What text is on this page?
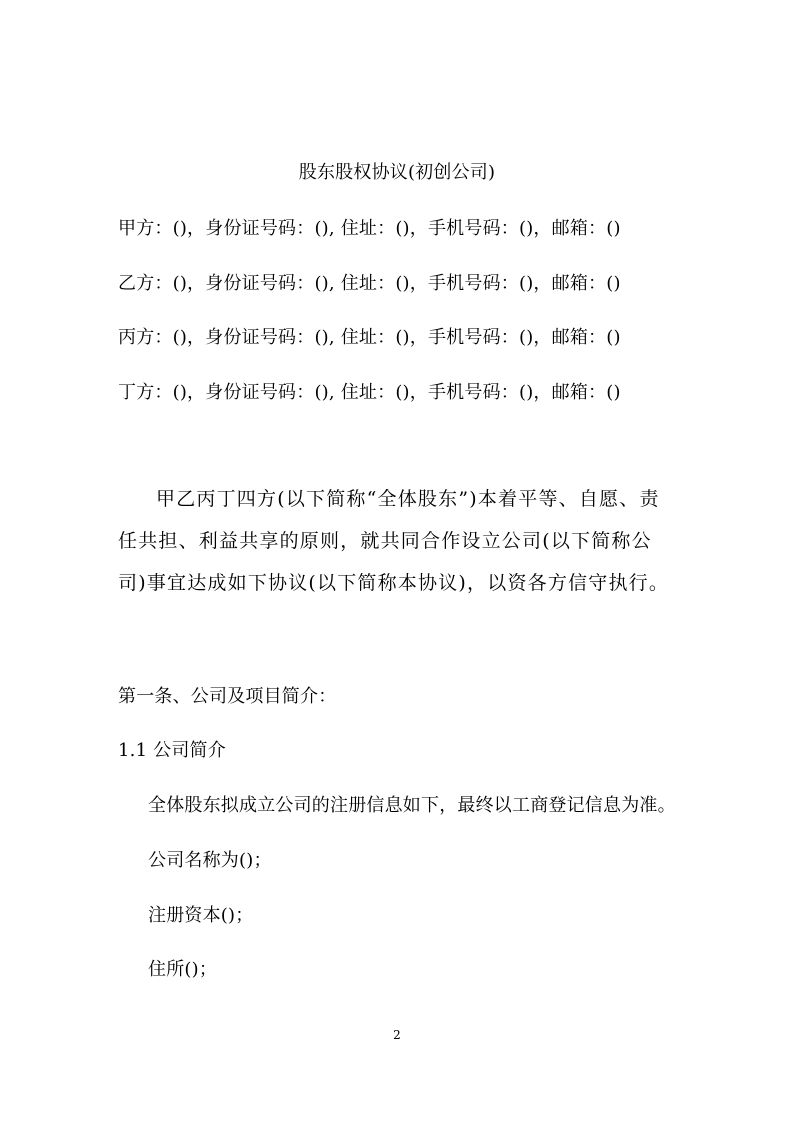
股东股权协议(初创公司)
甲方：()，身份证号码：(), 住址：()，手机号码：()，邮箱：()
乙方：()，身份证号码：(), 住址：()，手机号码：()，邮箱：()
丙方：()，身份证号码：(), 住址：()，手机号码：()，邮箱：()
丁方：()，身份证号码：(), 住址：()，手机号码：()，邮箱：()
甲乙丙丁四方(以下简称“全体股东”)本着平等、自愿、责任共担、利益共享的原则，就共同合作设立公司(以下简称公司)事宜达成如下协议(以下简称本协议)，以资各方信守执行。
第一条、公司及项目简介：
1.1 公司简介
全体股东拟成立公司的注册信息如下，最终以工商登记信息为准。
公司名称为()；
注册资本()；
住所()；
2
